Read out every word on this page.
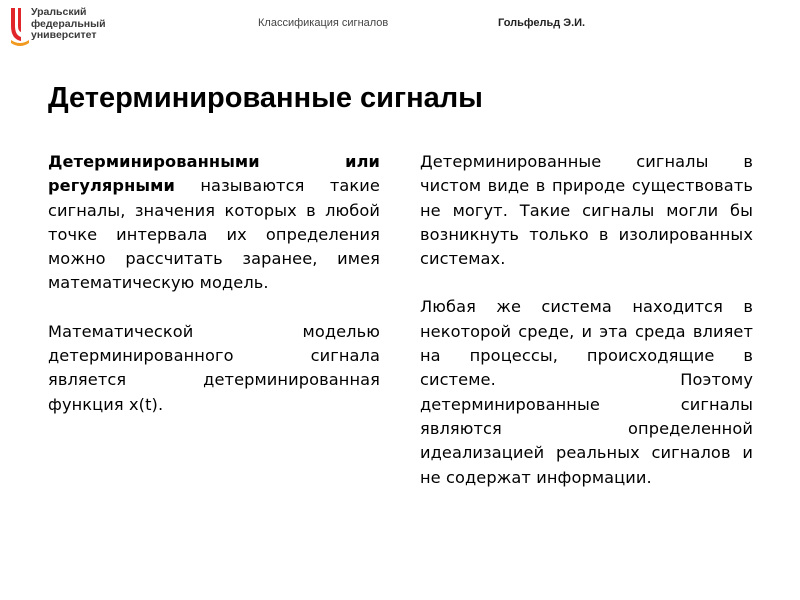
Уральский
федеральный
университет
Классификация сигналов	Гольфельд Э.И.
Детерминированные сигналы

Детерминированными	или регулярными называются такие сигналы, значения которых в любой точке интервала их определения можно рассчитать заранее, имея математическую модель.

Математической моделью детерминированного сигнала является детерминированная функция x(t).

Детерминированные сигналы в чистом виде в природе существовать не могут. Такие сигналы могли бы возникнуть только в изолированных системах.

Любая же система находится в некоторой среде, и эта среда влияет на процессы, происходящие в системе. Поэтому детерминированные сигналы являются определенной идеализацией реальных сигналов и не содержат информации.
